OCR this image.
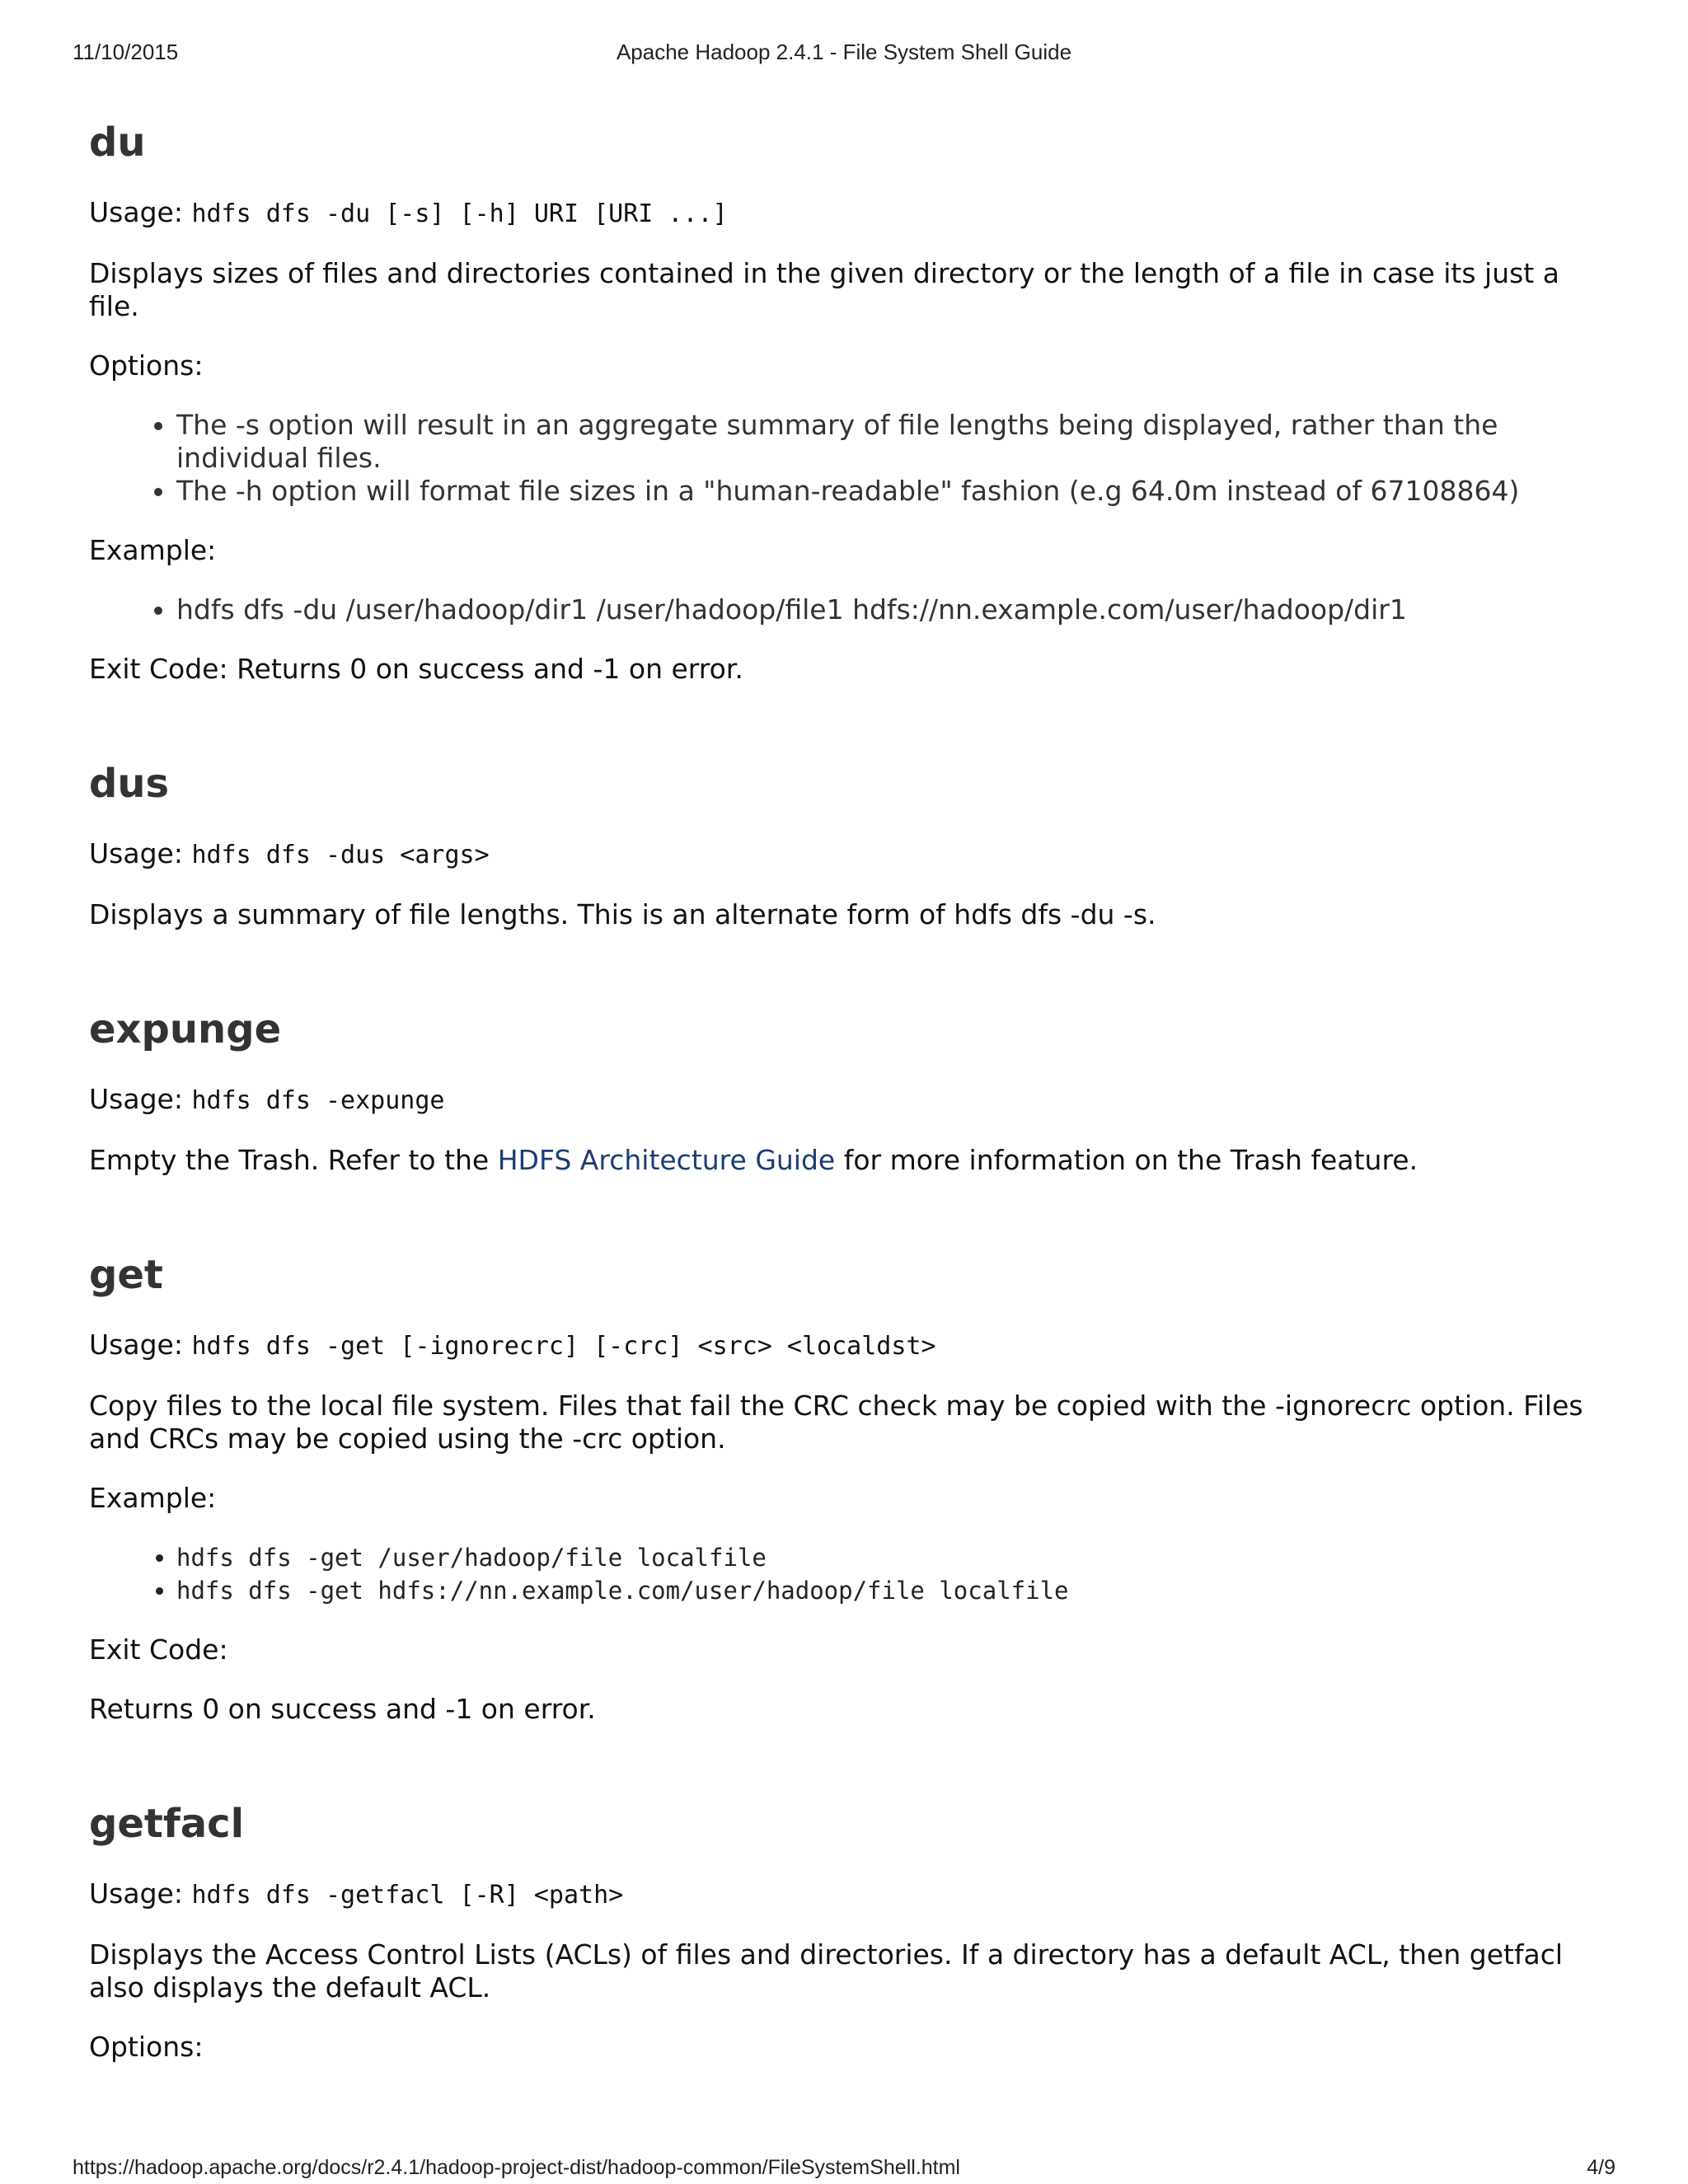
11/10/2015	Apache Hadoop 2.4.1 - File System Shell Guide
du

Usage: hdfs dfs -du [-s] [-h] URI [URI ...]

Displays sizes of files and directories contained in the given directory or the length of a file in case its just a file.

Options:

• The -s option will result in an aggregate summary of file lengths being displayed, rather than the individual files.
• The -h option will format file sizes in a "human-readable" fashion (e.g 64.0m instead of 67108864)

Example:

• hdfs dfs -du /user/hadoop/dir1 /user/hadoop/file1 hdfs://nn.example.com/user/hadoop/dir1

Exit Code: Returns 0 on success and -1 on error.

dus

Usage: hdfs dfs -dus <args>

Displays a summary of file lengths. This is an alternate form of hdfs dfs -du -s.

expunge

Usage: hdfs dfs -expunge

Empty the Trash. Refer to the HDFS Architecture Guide for more information on the Trash feature.

get

Usage: hdfs dfs -get [-ignorecrc] [-crc] <src> <localdst>

Copy files to the local file system. Files that fail the CRC check may be copied with the -ignorecrc option. Files and CRCs may be copied using the -crc option.

Example:

• hdfs dfs -get /user/hadoop/file localfile
• hdfs dfs -get hdfs://nn.example.com/user/hadoop/file localfile

Exit Code:

Returns 0 on success and -1 on error.

getfacl

Usage: hdfs dfs -getfacl [-R] <path>

Displays the Access Control Lists (ACLs) of files and directories. If a directory has a default ACL, then getfacl also displays the default ACL.

Options:

https://hadoop.apache.org/docs/r2.4.1/hadoop-project-dist/hadoop-common/FileSystemShell.html	4/9
